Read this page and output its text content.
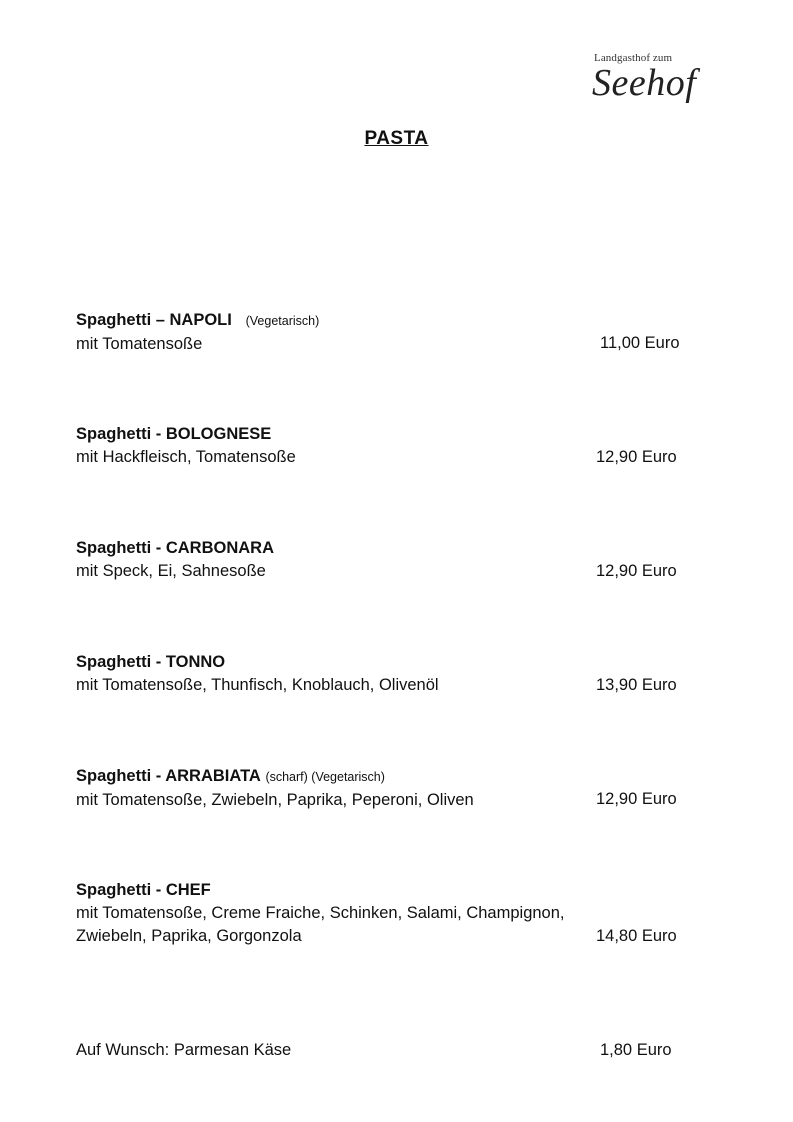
Landgasthof zum
Seehof
PASTA
Spaghetti – NAPOLI (Vegetarisch)
mit Tomatensoße	11,00 Euro
Spaghetti - BOLOGNESE
mit Hackfleisch, Tomatensoße	12,90 Euro
Spaghetti - CARBONARA
mit Speck, Ei, Sahnesoße	12,90 Euro
Spaghetti - TONNO
mit Tomatensoße, Thunfisch, Knoblauch, Olivenöl	13,90 Euro
Spaghetti - ARRABIATA (scharf) (Vegetarisch)
mit Tomatensoße, Zwiebeln, Paprika, Peperoni, Oliven	12,90 Euro
Spaghetti - CHEF
mit Tomatensoße, Creme Fraiche, Schinken, Salami, Champignon,
Zwiebeln, Paprika, Gorgonzola	14,80 Euro
Auf Wunsch: Parmesan Käse	1,80 Euro
